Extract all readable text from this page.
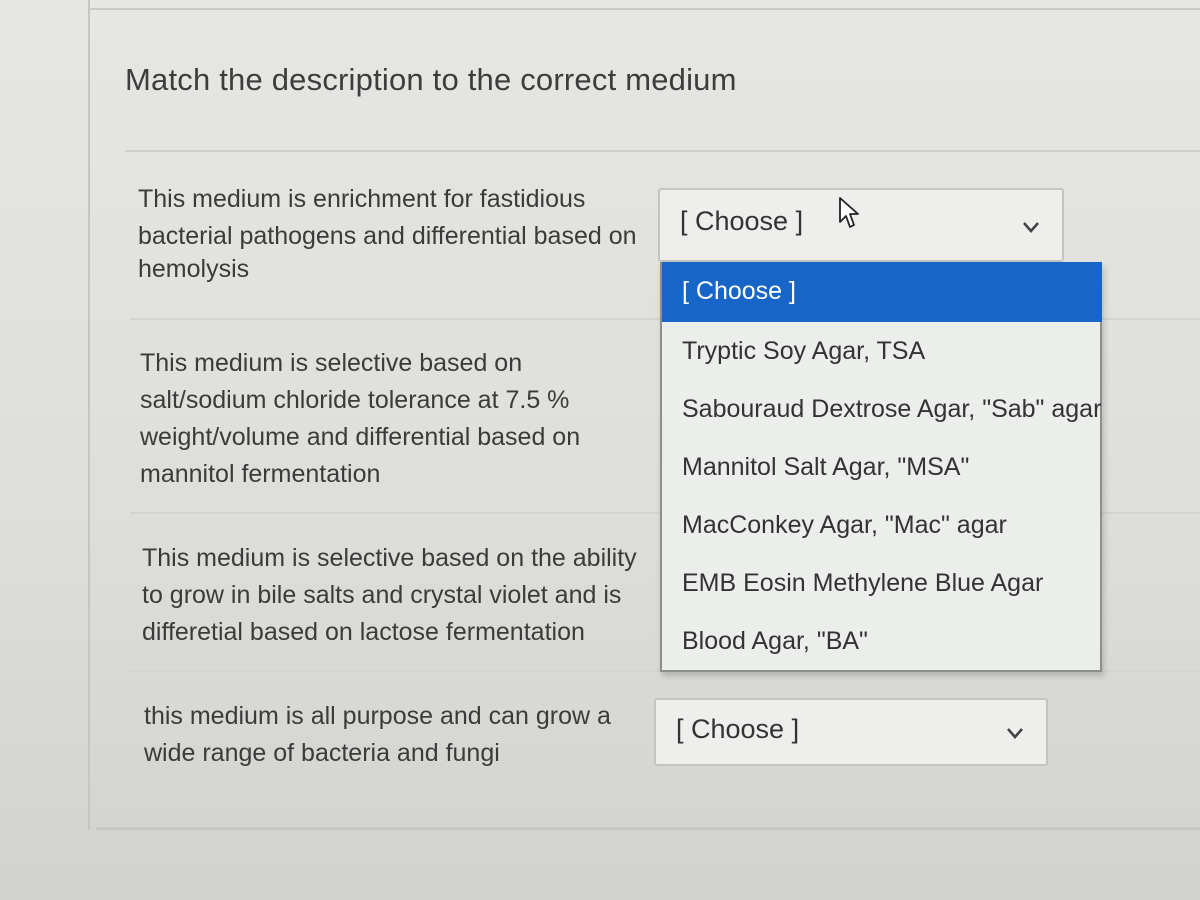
Match the description to the correct medium
This medium is enrichment for fastidious
bacterial pathogens and differential based on
hemolysis
[ Choose ]
This medium is selective based on
salt/sodium chloride tolerance at 7.5 %
weight/volume and differential based on
mannitol fermentation
This medium is selective based on the ability
to grow in bile salts and crystal violet and is
differetial based on lactose fermentation
this medium is all purpose and can grow a
wide range of bacteria and fungi
[ Choose ]
[ Choose ]
Tryptic Soy Agar, TSA
Sabouraud Dextrose Agar, "Sab" agar
Mannitol Salt Agar, "MSA"
MacConkey Agar, "Mac" agar
EMB Eosin Methylene Blue Agar
Blood Agar, "BA"
